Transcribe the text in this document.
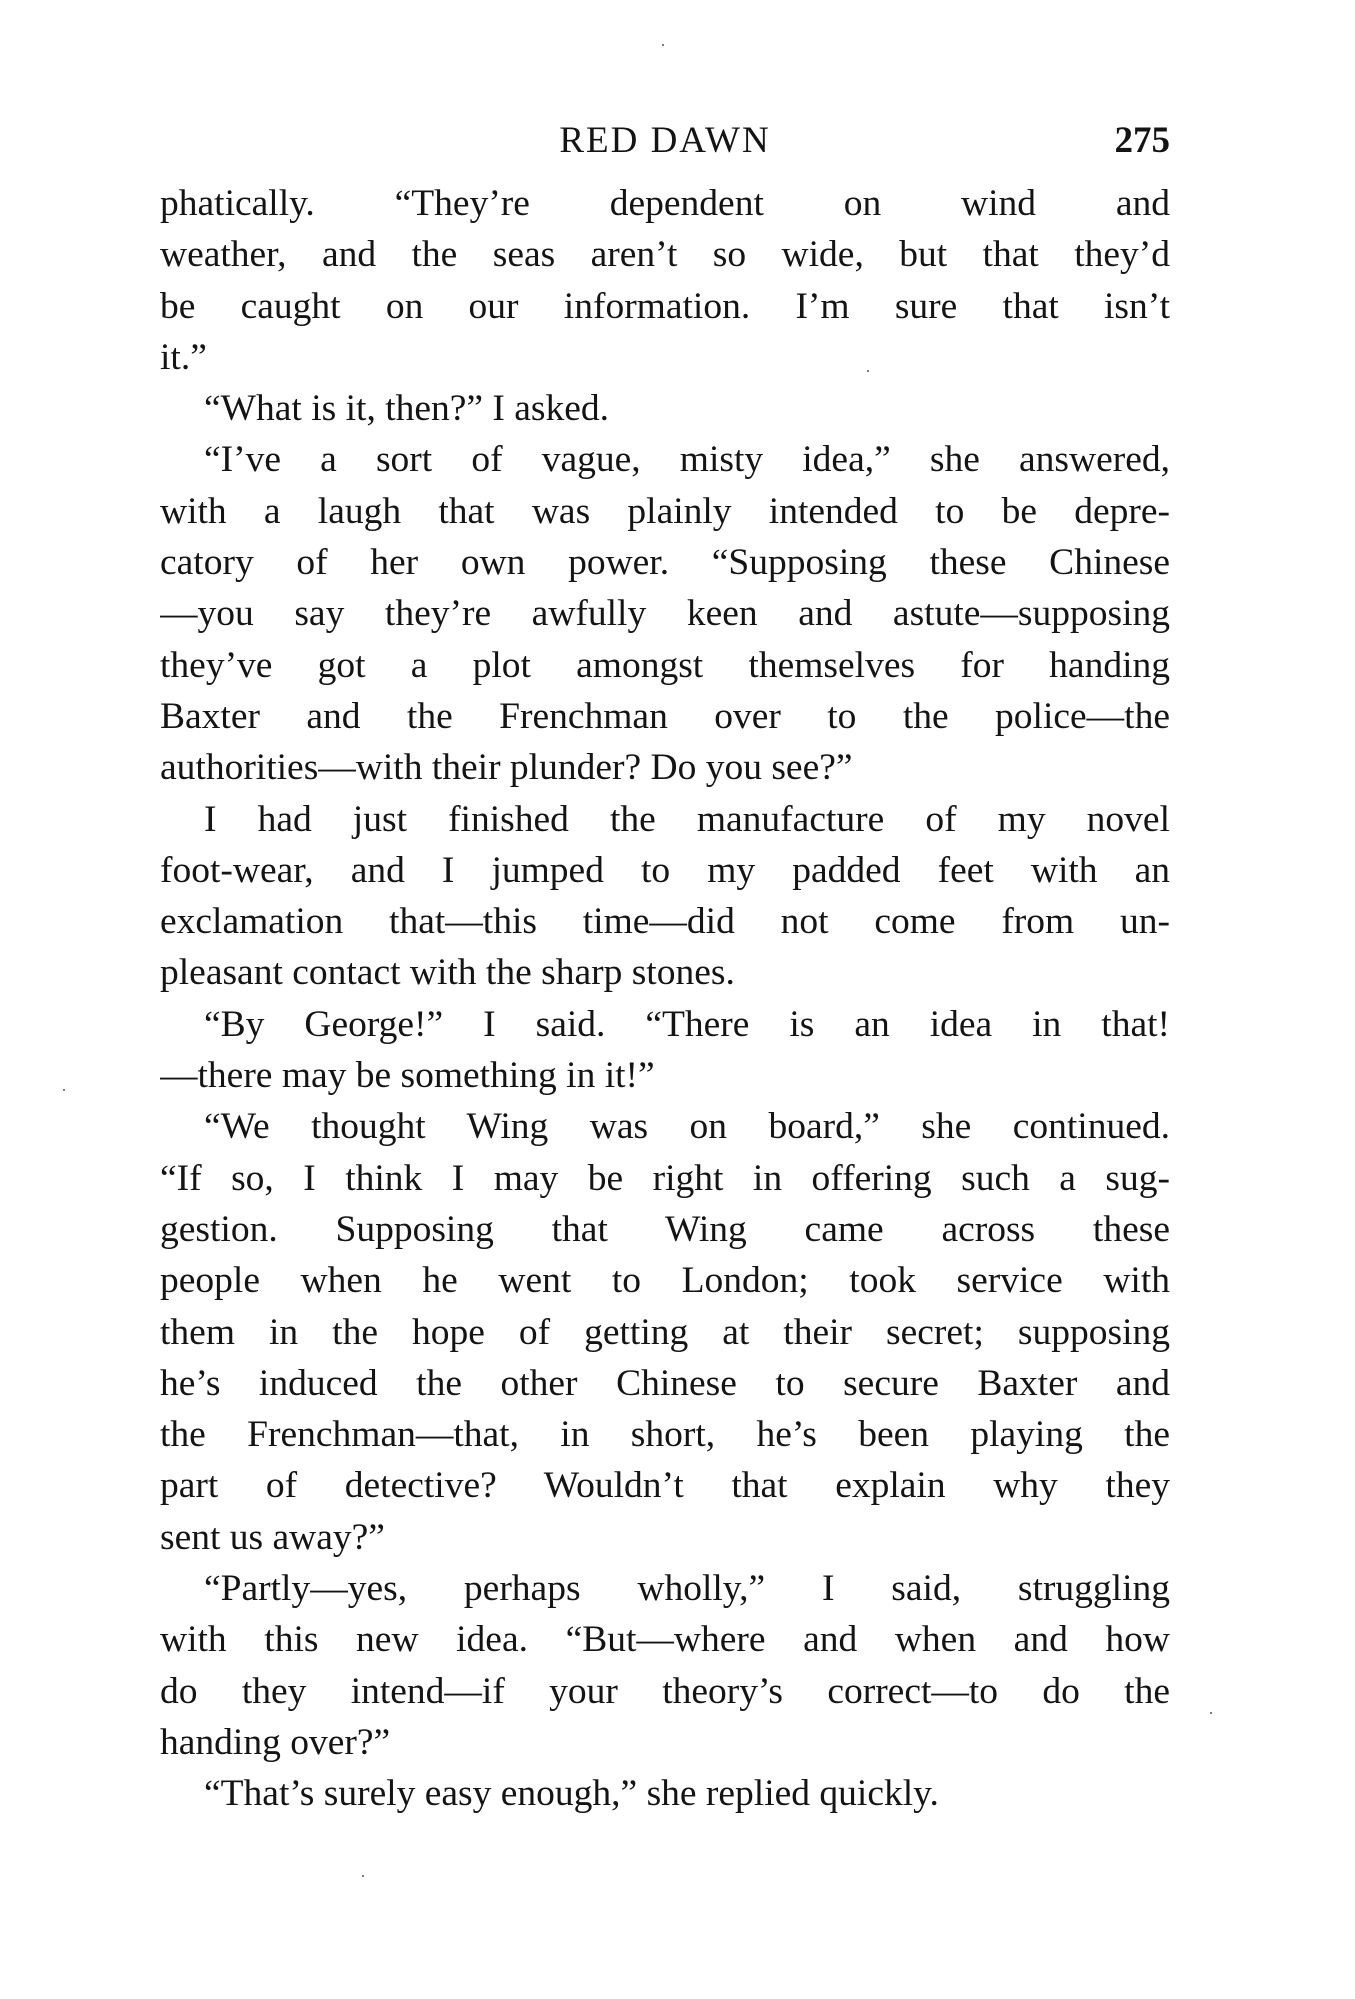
RED DAWN	275
phatically. “They’re dependent on wind and
weather, and the seas aren’t so wide, but that they’d
be caught on our information. I’m sure that isn’t
it.”
“What is it, then?” I asked.
“I’ve a sort of vague, misty idea,” she answered,
with a laugh that was plainly intended to be depre-
catory of her own power. “Supposing these Chinese
—you say they’re awfully keen and astute—supposing
they’ve got a plot amongst themselves for handing
Baxter and the Frenchman over to the police—the
authorities—with their plunder? Do you see?”
I had just finished the manufacture of my novel
foot-wear, and I jumped to my padded feet with an
exclamation that—this time—did not come from un-
pleasant contact with the sharp stones.
“By George!” I said. “There is an idea in that!
—there may be something in it!”
“We thought Wing was on board,” she continued.
“If so, I think I may be right in offering such a sug-
gestion. Supposing that Wing came across these
people when he went to London; took service with
them in the hope of getting at their secret; supposing
he’s induced the other Chinese to secure Baxter and
the Frenchman—that, in short, he’s been playing the
part of detective? Wouldn’t that explain why they
sent us away?”
“Partly—yes, perhaps wholly,” I said, struggling
with this new idea. “But—where and when and how
do they intend—if your theory’s correct—to do the
handing over?”
“That’s surely easy enough,” she replied quickly.
